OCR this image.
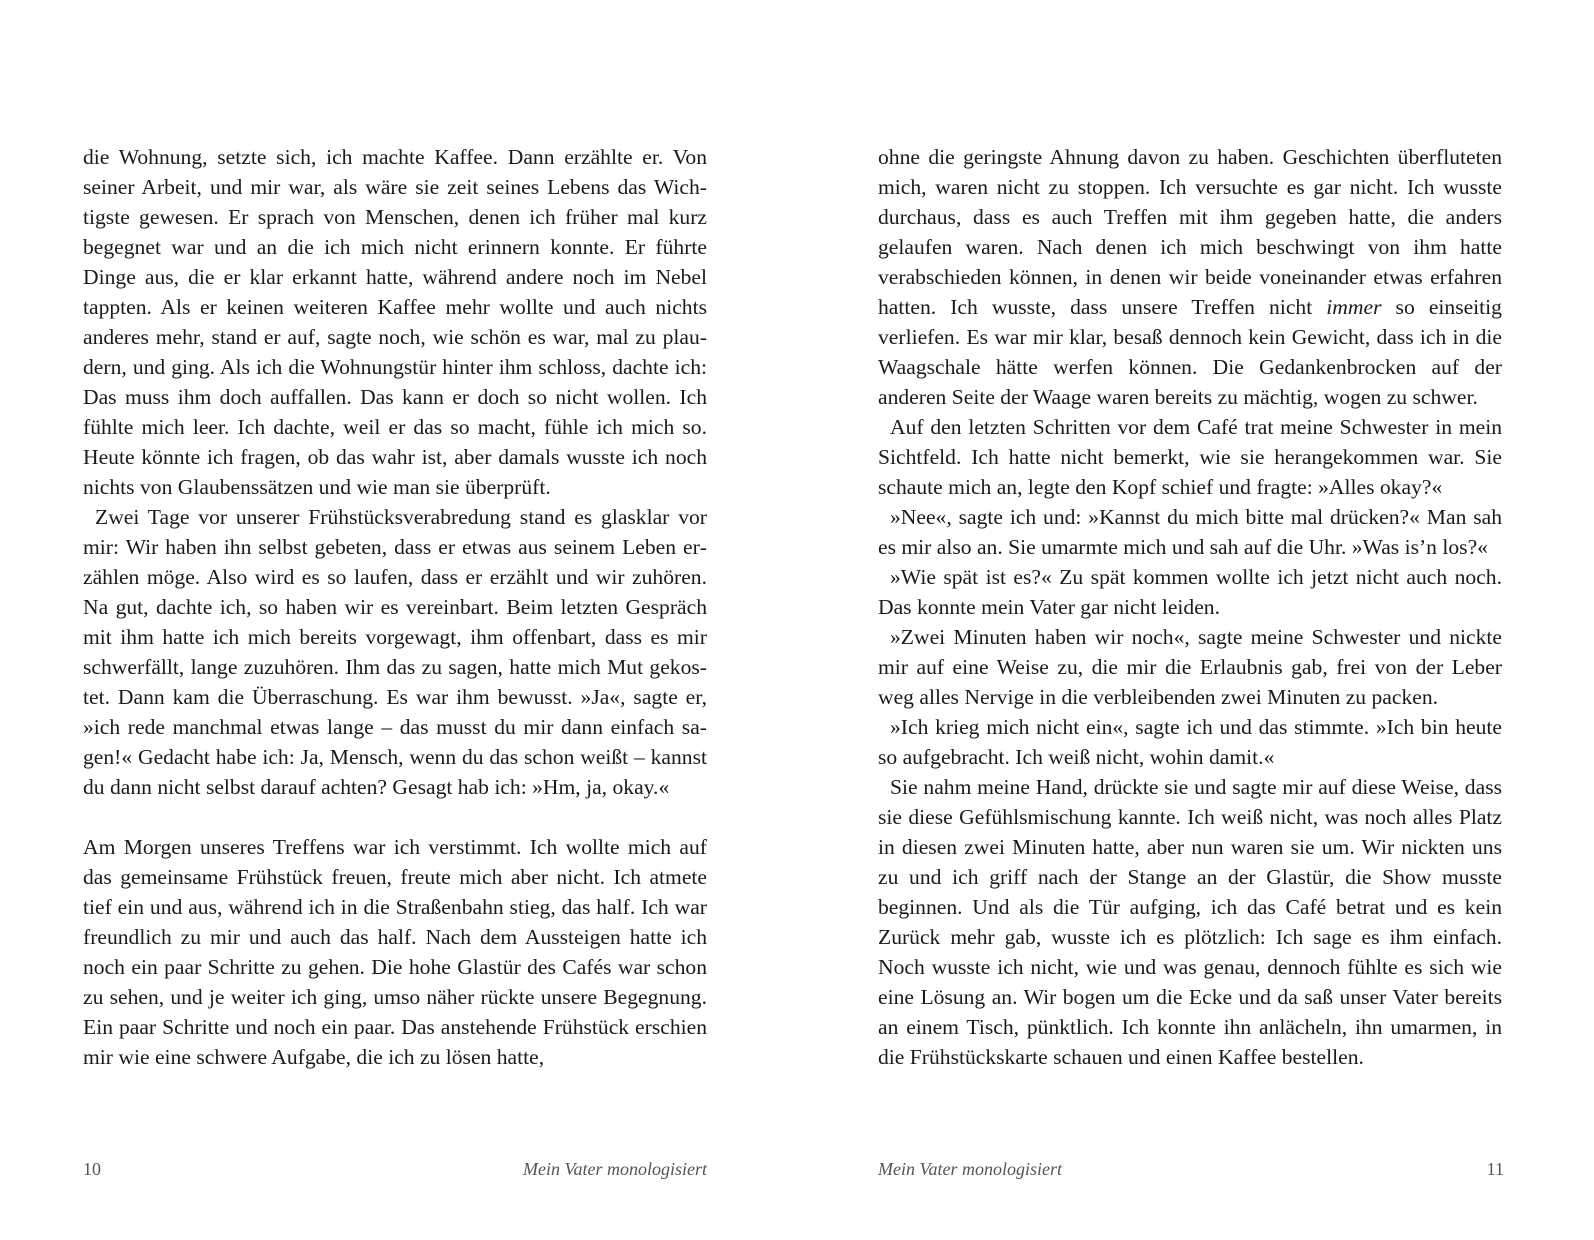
die Wohnung, setzte sich, ich machte Kaffee. Dann erzählte er. Von seiner Arbeit, und mir war, als wäre sie zeit seines Lebens das Wichtigste gewesen. Er sprach von Menschen, denen ich früher mal kurz begegnet war und an die ich mich nicht erinnern konnte. Er führte Dinge aus, die er klar erkannt hatte, während andere noch im Nebel tappten. Als er keinen weiteren Kaffee mehr wollte und auch nichts anderes mehr, stand er auf, sagte noch, wie schön es war, mal zu plaudern, und ging. Als ich die Wohnungstür hinter ihm schloss, dachte ich: Das muss ihm doch auffallen. Das kann er doch so nicht wollen. Ich fühlte mich leer. Ich dachte, weil er das so macht, fühle ich mich so. Heute könnte ich fragen, ob das wahr ist, aber damals wusste ich noch nichts von Glaubenssätzen und wie man sie überprüft.

Zwei Tage vor unserer Frühstücksverabredung stand es glasklar vor mir: Wir haben ihn selbst gebeten, dass er etwas aus seinem Leben erzählen möge. Also wird es so laufen, dass er erzählt und wir zuhören. Na gut, dachte ich, so haben wir es vereinbart. Beim letzten Gespräch mit ihm hatte ich mich bereits vorgewagt, ihm offenbart, dass es mir schwerfällt, lange zuzuhören. Ihm das zu sagen, hatte mich Mut gekostet. Dann kam die Überraschung. Es war ihm bewusst. »Ja«, sagte er, »ich rede manchmal etwas lange – das musst du mir dann einfach sagen!« Gedacht habe ich: Ja, Mensch, wenn du das schon weißt – kannst du dann nicht selbst darauf achten? Gesagt hab ich: »Hm, ja, okay.«

Am Morgen unseres Treffens war ich verstimmt. Ich wollte mich auf das gemeinsame Frühstück freuen, freute mich aber nicht. Ich atmete tief ein und aus, während ich in die Straßenbahn stieg, das half. Ich war freundlich zu mir und auch das half. Nach dem Aussteigen hatte ich noch ein paar Schritte zu gehen. Die hohe Glastür des Cafés war schon zu sehen, und je weiter ich ging, umso näher rückte unsere Begegnung. Ein paar Schritte und noch ein paar. Das anstehende Frühstück erschien mir wie eine schwere Aufgabe, die ich zu lösen hatte,

10	Mein Vater monologisiert

ohne die geringste Ahnung davon zu haben. Geschichten überfluteten mich, waren nicht zu stoppen. Ich versuchte es gar nicht. Ich wusste durchaus, dass es auch Treffen mit ihm gegeben hatte, die anders gelaufen waren. Nach denen ich mich beschwingt von ihm hatte verabschieden können, in denen wir beide voneinander etwas erfahren hatten. Ich wusste, dass unsere Treffen nicht immer so einseitig verliefen. Es war mir klar, besaß dennoch kein Gewicht, dass ich in die Waagschale hätte werfen können. Die Gedankenbrocken auf der anderen Seite der Waage waren bereits zu mächtig, wogen zu schwer.

Auf den letzten Schritten vor dem Café trat meine Schwester in mein Sichtfeld. Ich hatte nicht bemerkt, wie sie herangekommen war. Sie schaute mich an, legte den Kopf schief und fragte: »Alles okay?«

»Nee«, sagte ich und: »Kannst du mich bitte mal drücken?« Man sah es mir also an. Sie umarmte mich und sah auf die Uhr. »Was is’n los?«

»Wie spät ist es?« Zu spät kommen wollte ich jetzt nicht auch noch. Das konnte mein Vater gar nicht leiden.

»Zwei Minuten haben wir noch«, sagte meine Schwester und nickte mir auf eine Weise zu, die mir die Erlaubnis gab, frei von der Leber weg alles Nervige in die verbleibenden zwei Minuten zu packen.

»Ich krieg mich nicht ein«, sagte ich und das stimmte. »Ich bin heute so aufgebracht. Ich weiß nicht, wohin damit.«

Sie nahm meine Hand, drückte sie und sagte mir auf diese Weise, dass sie diese Gefühlsmischung kannte. Ich weiß nicht, was noch alles Platz in diesen zwei Minuten hatte, aber nun waren sie um. Wir nickten uns zu und ich griff nach der Stange an der Glastür, die Show musste beginnen. Und als die Tür aufging, ich das Café betrat und es kein Zurück mehr gab, wusste ich es plötzlich: Ich sage es ihm einfach. Noch wusste ich nicht, wie und was genau, dennoch fühlte es sich wie eine Lösung an. Wir bogen um die Ecke und da saß unser Vater bereits an einem Tisch, pünktlich. Ich konnte ihn anlächeln, ihn umarmen, in die Frühstückskarte schauen und einen Kaffee bestellen.

Mein Vater monologisiert	11
